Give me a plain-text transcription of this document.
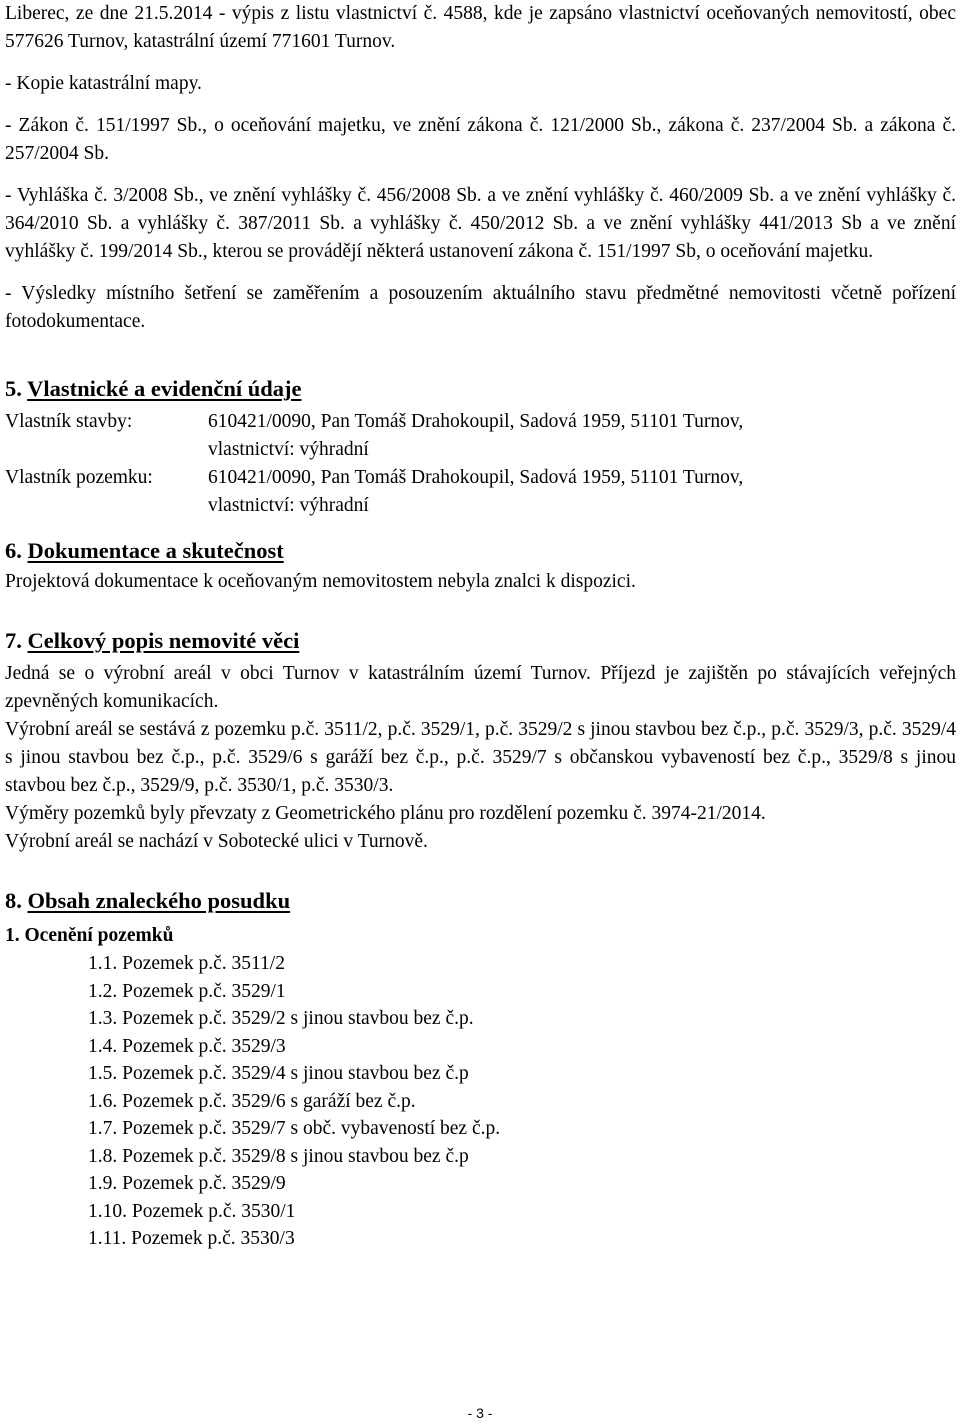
Liberec, ze dne 21.5.2014 - výpis z listu vlastnictví č. 4588, kde je zapsáno vlastnictví oceňovaných nemovitostí, obec 577626 Turnov, katastrální území 771601 Turnov.

- Kopie katastrální mapy.

- Zákon č. 151/1997 Sb., o oceňování majetku, ve znění zákona č. 121/2000 Sb., zákona č. 237/2004 Sb. a zákona č. 257/2004 Sb.

- Vyhláška č. 3/2008 Sb., ve znění vyhlášky č. 456/2008 Sb. a ve znění vyhlášky č. 460/2009 Sb. a ve znění vyhlášky č. 364/2010 Sb. a vyhlášky č. 387/2011 Sb. a vyhlášky č. 450/2012 Sb. a ve znění vyhlášky 441/2013 Sb a ve znění vyhlášky č. 199/2014 Sb., kterou se provádějí některá ustanovení zákona č. 151/1997 Sb, o oceňování majetku.

- Výsledky místního šetření se zaměřením a posouzením aktuálního stavu předmětné nemovitosti včetně pořízení fotodokumentace.

5. Vlastnické a evidenční údaje
Vlastník stavby:	610421/0090, Pan Tomáš Drahokoupil, Sadová 1959, 51101 Turnov,
vlastnictví: výhradní
Vlastník pozemku:	610421/0090, Pan Tomáš Drahokoupil, Sadová 1959, 51101 Turnov,
vlastnictví: výhradní
6. Dokumentace a skutečnost

Projektová dokumentace k oceňovaným nemovitostem nebyla znalci k dispozici.

7. Celkový popis nemovité věci

Jedná se o výrobní areál v obci Turnov v katastrálním území Turnov. Příjezd je zajištěn po stávajících veřejných zpevněných komunikacích.

Výrobní areál se sestává z pozemku p.č. 3511/2, p.č. 3529/1, p.č. 3529/2 s jinou stavbou bez č.p., p.č. 3529/3, p.č. 3529/4 s jinou stavbou bez č.p., p.č. 3529/6 s garáží bez č.p., p.č. 3529/7 s občanskou vybaveností bez č.p., 3529/8 s jinou stavbou bez č.p., 3529/9, p.č. 3530/1, p.č. 3530/3.

Výměry pozemků byly převzaty z Geometrického plánu pro rozdělení pozemku č. 3974-21/2014.

Výrobní areál se nachází v Sobotecké ulici v Turnově.

8. Obsah znaleckého posudku
1. Ocenění pozemků
1.1. Pozemek p.č. 3511/2
1.2. Pozemek p.č. 3529/1
1.3. Pozemek p.č. 3529/2 s jinou stavbou bez č.p.
1.4. Pozemek p.č. 3529/3
1.5. Pozemek p.č. 3529/4 s jinou stavbou bez č.p
1.6. Pozemek p.č. 3529/6 s garáží bez č.p.
1.7. Pozemek p.č. 3529/7 s obč. vybaveností bez č.p.
1.8. Pozemek p.č. 3529/8 s jinou stavbou bez č.p
1.9. Pozemek p.č. 3529/9
1.10. Pozemek p.č. 3530/1
1.11. Pozemek p.č. 3530/3
- 3 -
